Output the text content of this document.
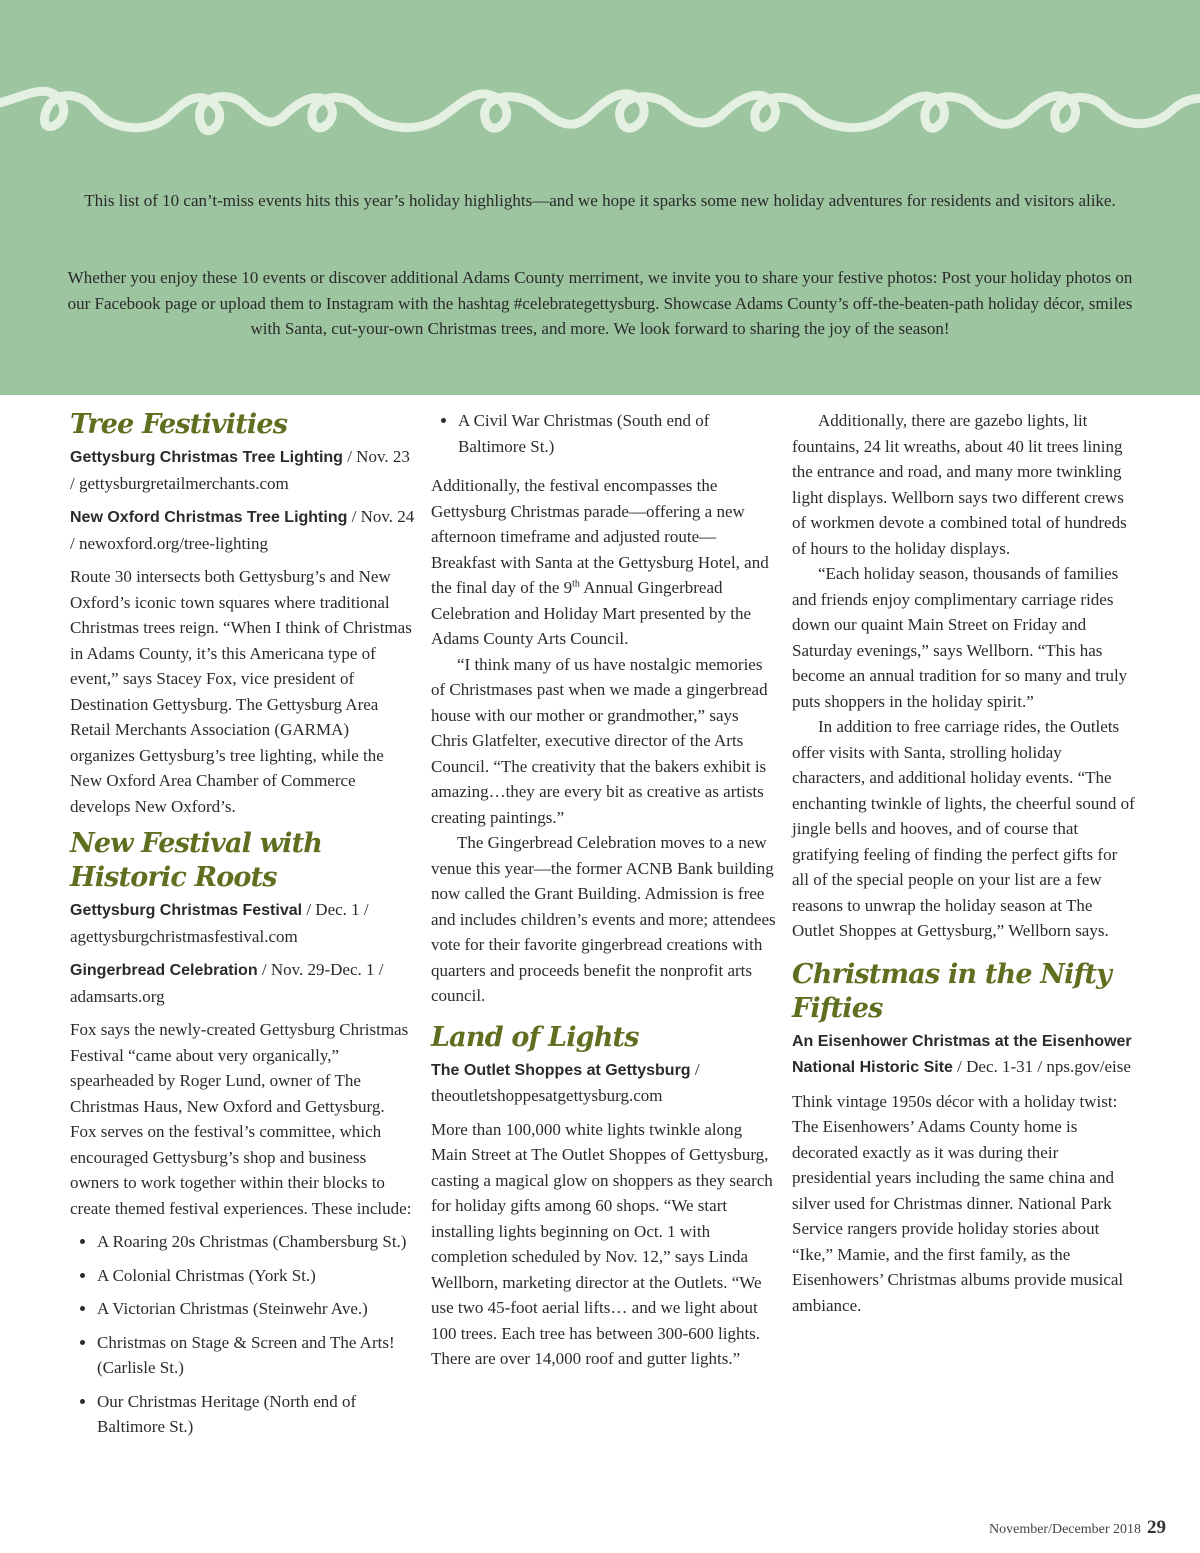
This list of 10 can’t-miss events hits this year’s holiday highlights—and we hope it sparks some new holiday adventures for residents and visitors alike.
Whether you enjoy these 10 events or discover additional Adams County merriment, we invite you to share your festive photos: Post your holiday photos on our Facebook page or upload them to Instagram with the hashtag #celebrategettysburg. Showcase Adams County’s off-the-beaten-path holiday décor, smiles with Santa, cut-your-own Christmas trees, and more. We look forward to sharing the joy of the season!
Tree Festivities

Gettysburg Christmas Tree Lighting / Nov. 23 / gettysburgretailmerchants.com

New Oxford Christmas Tree Lighting / Nov. 24 / newoxford.org/tree-lighting

Route 30 intersects both Gettysburg’s and New Oxford’s iconic town squares where traditional Christmas trees reign. “When I think of Christmas in Adams County, it’s this Americana type of event,” says Stacey Fox, vice president of Destination Gettysburg. The Gettysburg Area Retail Merchants Association (GARMA) organizes Gettysburg’s tree lighting, while the New Oxford Area Chamber of Commerce develops New Oxford’s.

New Festival with Historic Roots

Gettysburg Christmas Festival / Dec. 1 / agettysburgchristmasfestival.com

Gingerbread Celebration / Nov. 29-Dec. 1 / adamsarts.org

Fox says the newly-created Gettysburg Christmas Festival “came about very organically,” spearheaded by Roger Lund, owner of The Christmas Haus, New Oxford and Gettysburg. Fox serves on the festival’s committee, which encouraged Gettysburg’s shop and business owners to work together within their blocks to create themed festival experiences. These include:

• A Roaring 20s Christmas (Chambersburg St.)
• A Colonial Christmas (York St.)
• A Victorian Christmas (Steinwehr Ave.)
• Christmas on Stage & Screen and The Arts! (Carlisle St.)
• Our Christmas Heritage (North end of Baltimore St.)
• A Civil War Christmas (South end of Baltimore St.)

Additionally, the festival encompasses the Gettysburg Christmas parade—offering a new afternoon timeframe and adjusted route—Breakfast with Santa at the Gettysburg Hotel, and the final day of the 9th Annual Gingerbread Celebration and Holiday Mart presented by the Adams County Arts Council.

“I think many of us have nostalgic memories of Christmases past when we made a gingerbread house with our mother or grandmother,” says Chris Glatfelter, executive director of the Arts Council. “The creativity that the bakers exhibit is amazing…they are every bit as creative as artists creating paintings.”

The Gingerbread Celebration moves to a new venue this year—the former ACNB Bank building now called the Grant Building. Admission is free and includes children’s events and more; attendees vote for their favorite gingerbread creations with quarters and proceeds benefit the nonprofit arts council.

Land of Lights

The Outlet Shoppes at Gettysburg / theoutletshoppesatgettysburg.com

More than 100,000 white lights twinkle along Main Street at The Outlet Shoppes of Gettysburg, casting a magical glow on shoppers as they search for holiday gifts among 60 shops. “We start installing lights beginning on Oct. 1 with completion scheduled by Nov. 12,” says Linda Wellborn, marketing director at the Outlets. “We use two 45-foot aerial lifts… and we light about 100 trees. Each tree has between 300-600 lights. There are over 14,000 roof and gutter lights.”

Additionally, there are gazebo lights, lit fountains, 24 lit wreaths, about 40 lit trees lining the entrance and road, and many more twinkling light displays. Wellborn says two different crews of workmen devote a combined total of hundreds of hours to the holiday displays.

“Each holiday season, thousands of families and friends enjoy complimentary carriage rides down our quaint Main Street on Friday and Saturday evenings,” says Wellborn. “This has become an annual tradition for so many and truly puts shoppers in the holiday spirit.”

In addition to free carriage rides, the Outlets offer visits with Santa, strolling holiday characters, and additional holiday events. “The enchanting twinkle of lights, the cheerful sound of jingle bells and hooves, and of course that gratifying feeling of finding the perfect gifts for all of the special people on your list are a few reasons to unwrap the holiday season at The Outlet Shoppes at Gettysburg,” Wellborn says.

Christmas in the Nifty Fifties

An Eisenhower Christmas at the Eisenhower National Historic Site / Dec. 1-31 / nps.gov/eise

Think vintage 1950s décor with a holiday twist: The Eisenhowers’ Adams County home is decorated exactly as it was during their presidential years including the same china and silver used for Christmas dinner. National Park Service rangers provide holiday stories about “Ike,” Mamie, and the first family, as the Eisenhowers’ Christmas albums provide musical ambiance.

November/December 2018 29
